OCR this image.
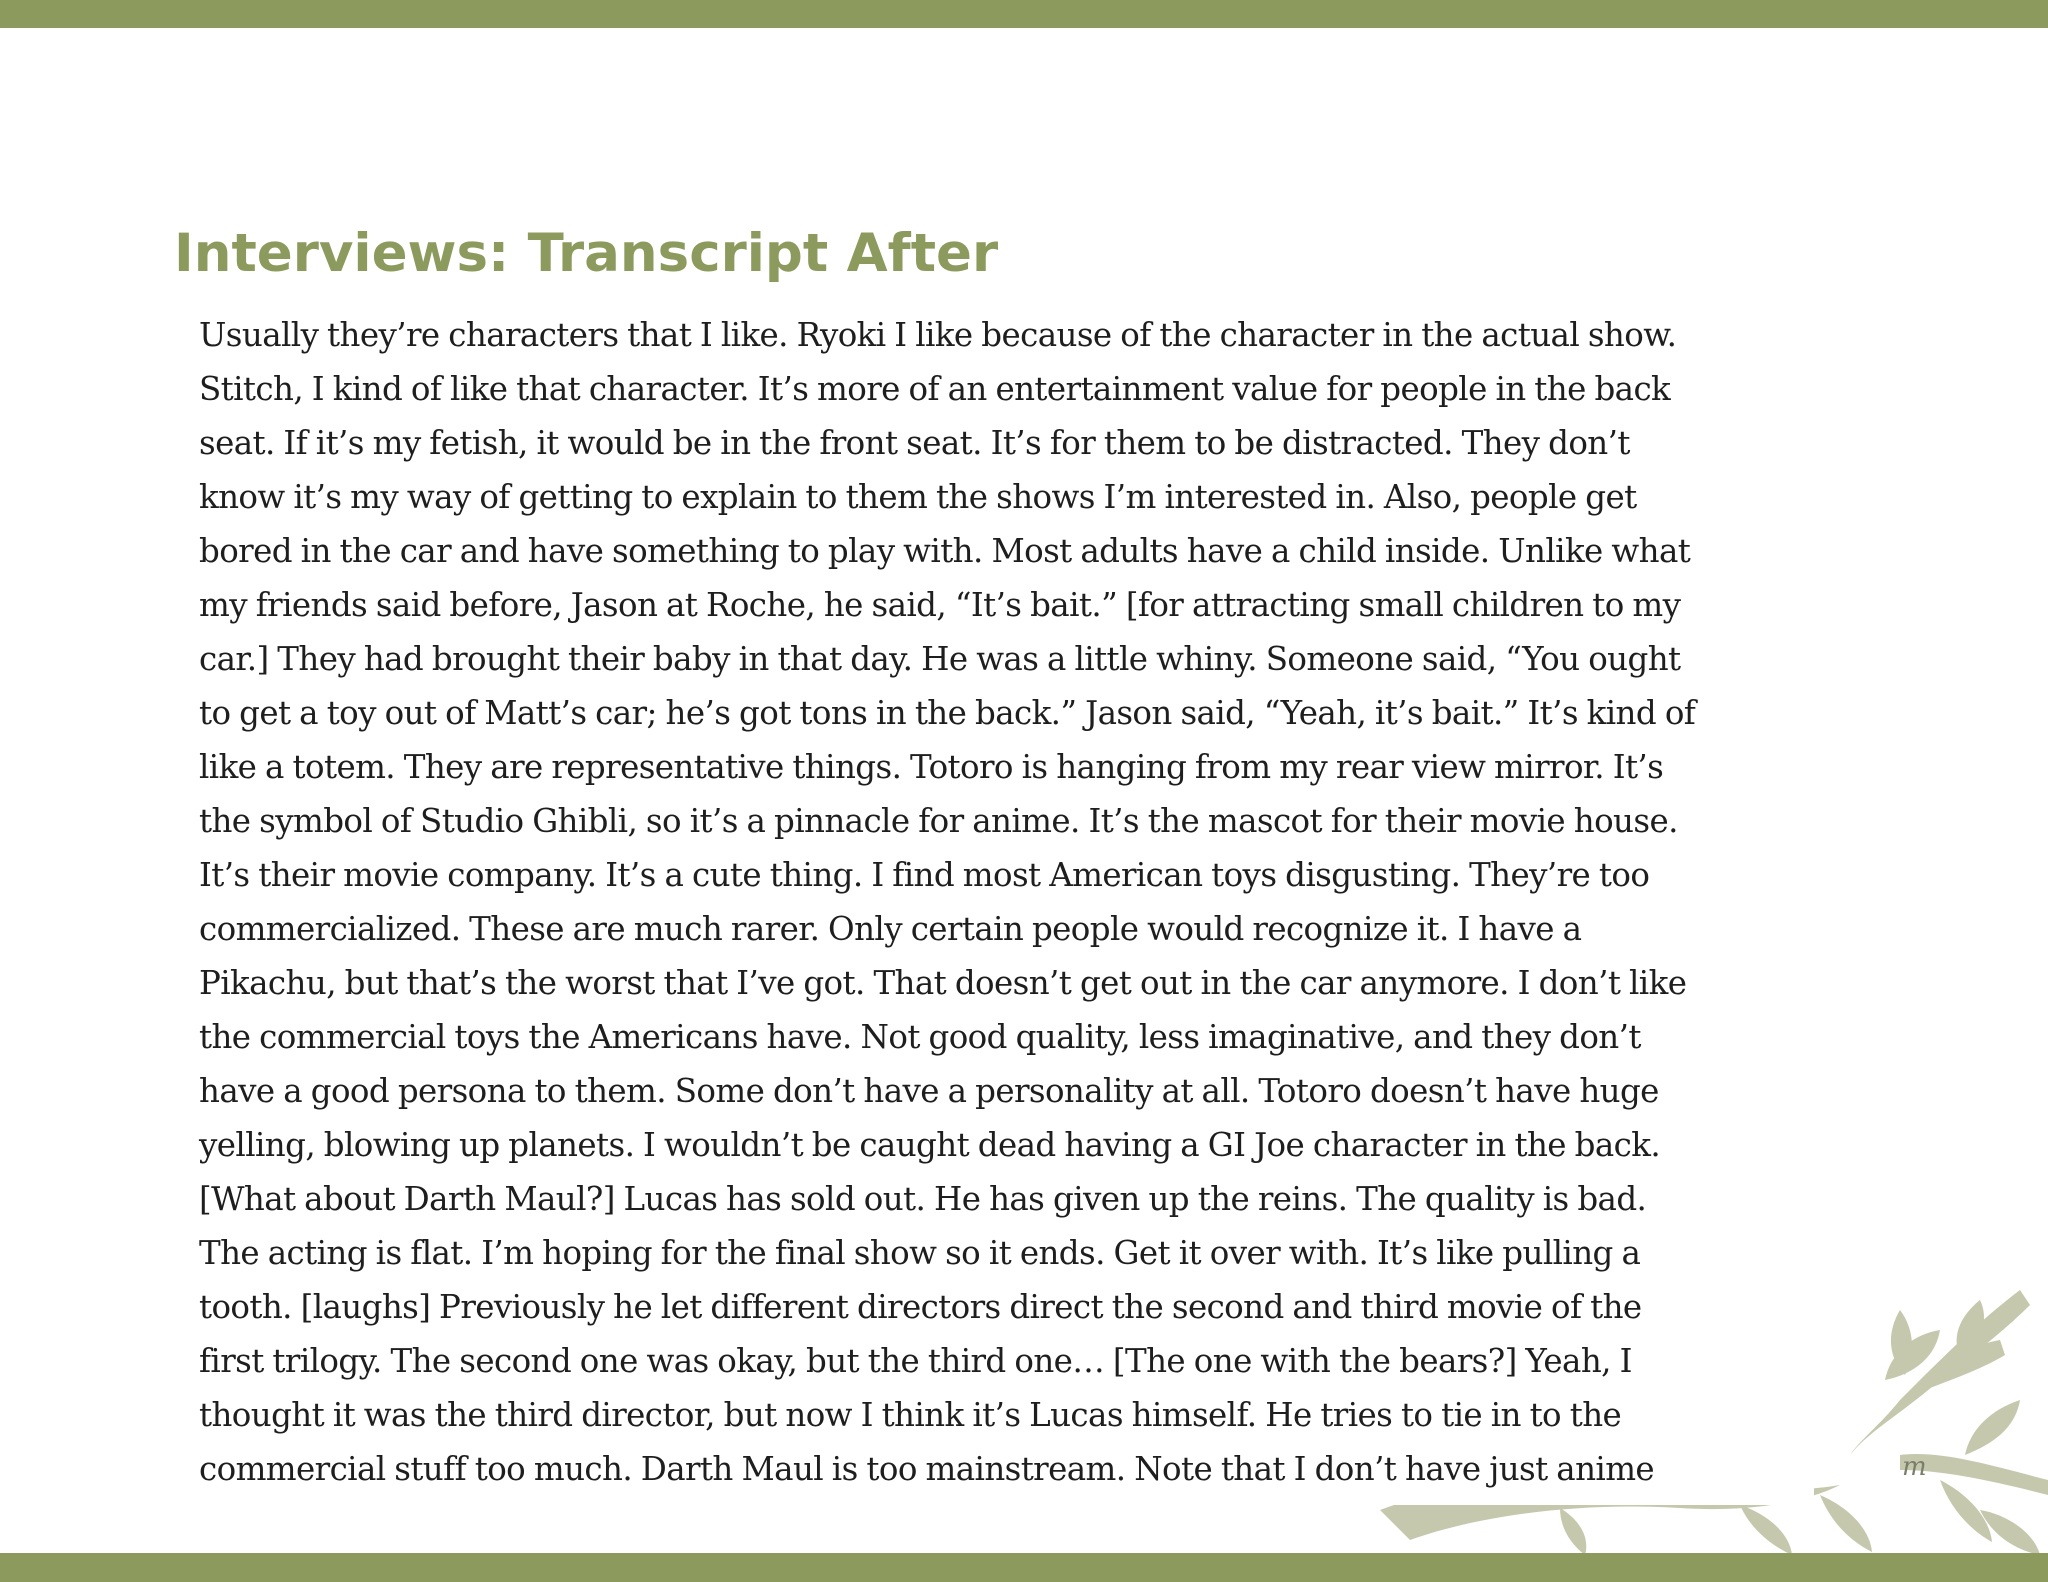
m
Interviews: Transcript After
Usually they’re characters that I like. Ryoki I like because of the character in the actual show.
Stitch, I kind of like that character. It’s more of an entertainment value for people in the back
seat. If it’s my fetish, it would be in the front seat. It’s for them to be distracted. They don’t
know it’s my way of getting to explain to them the shows I’m interested in. Also, people get
bored in the car and have something to play with. Most adults have a child inside. Unlike what
my friends said before, Jason at Roche, he said, “It’s bait.” [for attracting small children to my
car.] They had brought their baby in that day. He was a little whiny. Someone said, “You ought
to get a toy out of Matt’s car; he’s got tons in the back.” Jason said, “Yeah, it’s bait.” It’s kind of
like a totem. They are representative things. Totoro is hanging from my rear view mirror. It’s
the symbol of Studio Ghibli, so it’s a pinnacle for anime. It’s the mascot for their movie house.
It’s their movie company. It’s a cute thing. I find most American toys disgusting. They’re too
commercialized. These are much rarer. Only certain people would recognize it. I have a
Pikachu, but that’s the worst that I’ve got. That doesn’t get out in the car anymore. I don’t like
the commercial toys the Americans have. Not good quality, less imaginative, and they don’t
have a good persona to them. Some don’t have a personality at all. Totoro doesn’t have huge
yelling, blowing up planets. I wouldn’t be caught dead having a GI Joe character in the back.
[What about Darth Maul?] Lucas has sold out. He has given up the reins. The quality is bad.
The acting is flat. I’m hoping for the final show so it ends. Get it over with. It’s like pulling a
tooth. [laughs] Previously he let different directors direct the second and third movie of the
first trilogy. The second one was okay, but the third one… [The one with the bears?] Yeah, I
thought it was the third director, but now I think it’s Lucas himself. He tries to tie in to the
commercial stuff too much. Darth Maul is too mainstream. Note that I don’t have just anime
